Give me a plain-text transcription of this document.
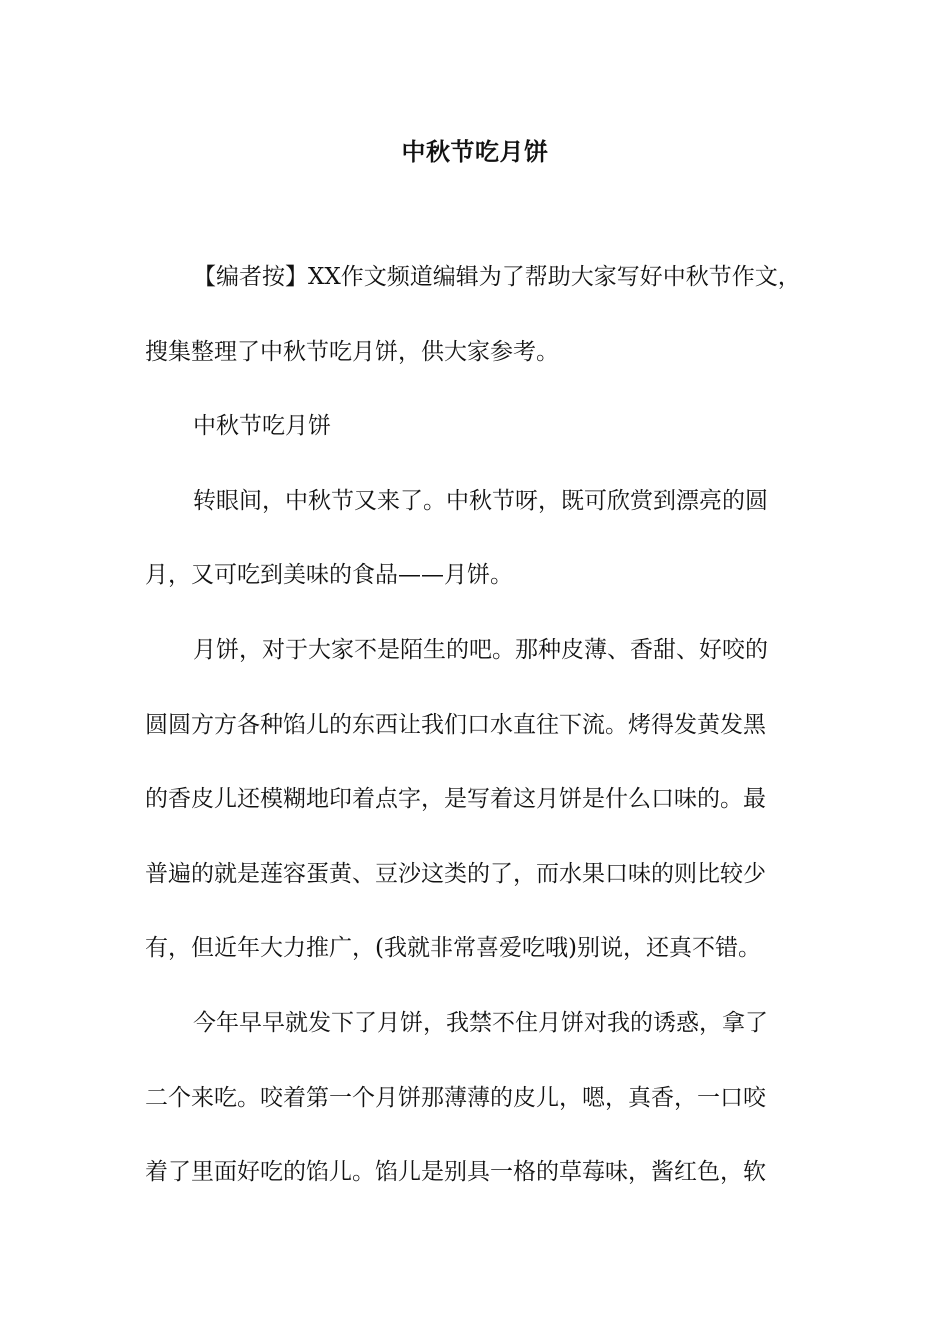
中秋节吃月饼
【编者按】XX作文频道编辑为了帮助大家写好中秋节作文，
搜集整理了中秋节吃月饼，供大家参考。
中秋节吃月饼
转眼间，中秋节又来了。中秋节呀，既可欣赏到漂亮的圆
月，又可吃到美味的食品——月饼。
月饼，对于大家不是陌生的吧。那种皮薄、香甜、好咬的
圆圆方方各种馅儿的东西让我们口水直往下流。烤得发黄发黑
的香皮儿还模糊地印着点字，是写着这月饼是什么口味的。最
普遍的就是莲容蛋黄、豆沙这类的了，而水果口味的则比较少
有，但近年大力推广，(我就非常喜爱吃哦)别说，还真不错。
今年早早就发下了月饼，我禁不住月饼对我的诱惑，拿了
二个来吃。咬着第一个月饼那薄薄的皮儿，嗯，真香，一口咬
着了里面好吃的馅儿。馅儿是别具一格的草莓味，酱红色，软
